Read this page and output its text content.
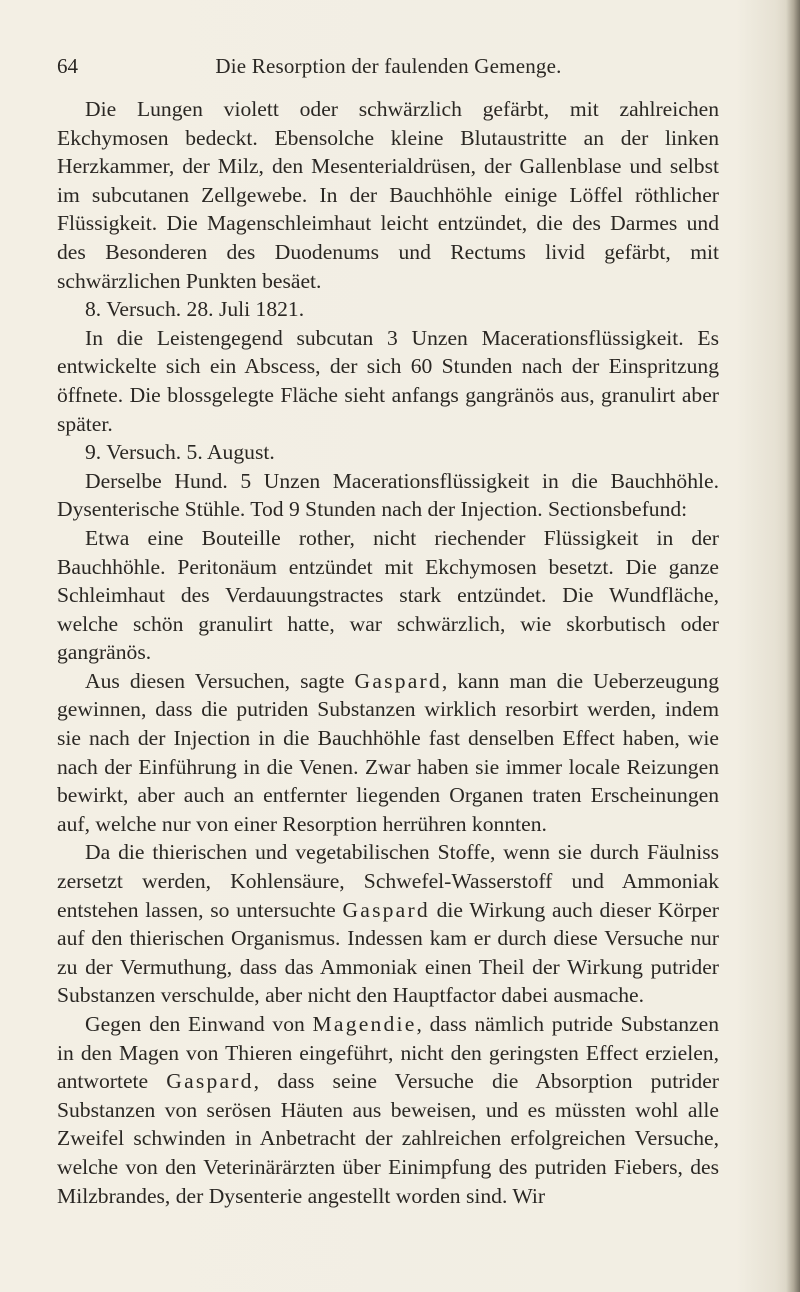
64	Die Resorption der faulenden Gemenge.

Die Lungen violett oder schwärzlich gefärbt, mit zahlreichen Ekchymosen bedeckt. Ebensolche kleine Blutaustritte an der linken Herzkammer, der Milz, den Mesenterialdrüsen, der Gallenblase und selbst im subcutanen Zellgewebe. In der Bauchhöhle einige Löffel röthlicher Flüssigkeit. Die Magenschleimhaut leicht entzündet, die des Darmes und des Besonderen des Duodenums und Rectums livid gefärbt, mit schwärzlichen Punkten besäet.

8. Versuch. 28. Juli 1821.

In die Leistengegend subcutan 3 Unzen Macerationsflüssigkeit. Es entwickelte sich ein Abscess, der sich 60 Stunden nach der Einspritzung öffnete. Die blossgelegte Fläche sieht anfangs gangränös aus, granulirt aber später.

9. Versuch. 5. August.

Derselbe Hund. 5 Unzen Macerationsflüssigkeit in die Bauchhöhle. Dysenterische Stühle. Tod 9 Stunden nach der Injection. Sectionsbefund:

Etwa eine Bouteille rother, nicht riechender Flüssigkeit in der Bauchhöhle. Peritonäum entzündet mit Ekchymosen besetzt. Die ganze Schleimhaut des Verdauungstractes stark entzündet. Die Wundfläche, welche schön granulirt hatte, war schwärzlich, wie skorbutisch oder gangränös.

Aus diesen Versuchen, sagte Gaspard, kann man die Ueberzeugung gewinnen, dass die putriden Substanzen wirklich resorbirt werden, indem sie nach der Injection in die Bauchhöhle fast denselben Effect haben, wie nach der Einführung in die Venen. Zwar haben sie immer locale Reizungen bewirkt, aber auch an entfernter liegenden Organen traten Erscheinungen auf, welche nur von einer Resorption herrühren konnten.

Da die thierischen und vegetabilischen Stoffe, wenn sie durch Fäulniss zersetzt werden, Kohlensäure, Schwefel-Wasserstoff und Ammoniak entstehen lassen, so untersuchte Gaspard die Wirkung auch dieser Körper auf den thierischen Organismus. Indessen kam er durch diese Versuche nur zu der Vermuthung, dass das Ammoniak einen Theil der Wirkung putrider Substanzen verschulde, aber nicht den Hauptfactor dabei ausmache.

Gegen den Einwand von Magendie, dass nämlich putride Substanzen in den Magen von Thieren eingeführt, nicht den geringsten Effect erzielen, antwortete Gaspard, dass seine Versuche die Absorption putrider Substanzen von serösen Häuten aus beweisen, und es müssten wohl alle Zweifel schwinden in Anbetracht der zahlreichen erfolgreichen Versuche, welche von den Veterinärärzten über Einimpfung des putriden Fiebers, des Milzbrandes, der Dysenterie angestellt worden sind. Wir
